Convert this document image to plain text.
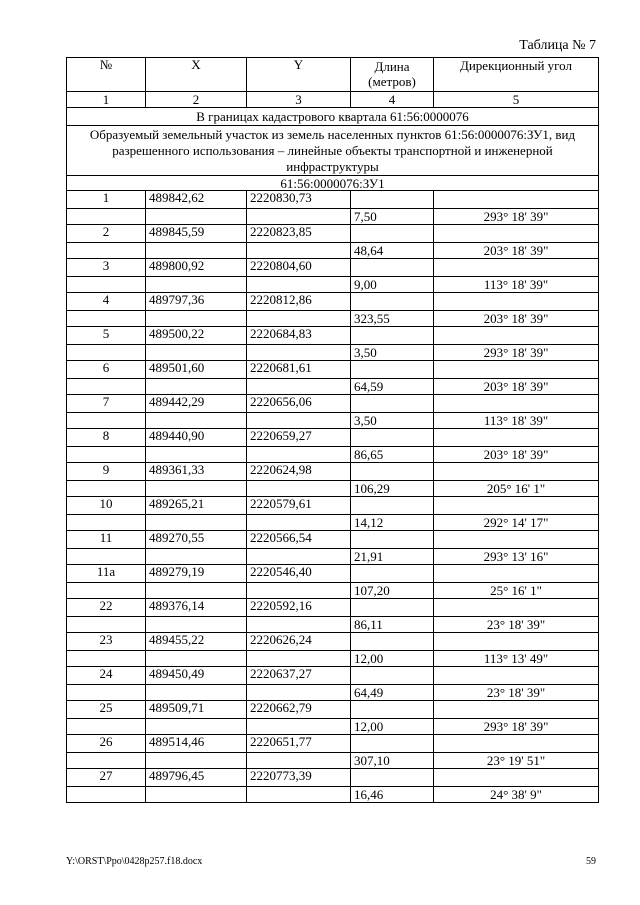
Таблица № 7
№	X	Y	Длина (метров)	Дирекционный угол
1	2	3	4	5
В границах кадастрового квартала 61:56:0000076				
Образуемый земельный участок из земель населенных пунктов 61:56:0000076:ЗУ1, вид разрешенного использования – линейные объекты транспортной и инженерной инфраструктуры				
61:56:0000076:ЗУ1				
1	489842,62	2220830,73		
			7,50	293° 18' 39"
2	489845,59	2220823,85		
			48,64	203° 18' 39"
3	489800,92	2220804,60		
			9,00	113° 18' 39"
4	489797,36	2220812,86		
			323,55	203° 18' 39"
5	489500,22	2220684,83		
			3,50	293° 18' 39"
6	489501,60	2220681,61		
			64,59	203° 18' 39"
7	489442,29	2220656,06		
			3,50	113° 18' 39"
8	489440,90	2220659,27		
			86,65	203° 18' 39"
9	489361,33	2220624,98		
			106,29	205° 16' 1"
10	489265,21	2220579,61		
			14,12	292° 14' 17"
11	489270,55	2220566,54		
			21,91	293° 13' 16"
11а	489279,19	2220546,40		
			107,20	25° 16' 1"
22	489376,14	2220592,16		
			86,11	23° 18' 39"
23	489455,22	2220626,24		
			12,00	113° 13' 49"
24	489450,49	2220637,27		
			64,49	23° 18' 39"
25	489509,71	2220662,79		
			12,00	293° 18' 39"
26	489514,46	2220651,77		
			307,10	23° 19' 51"
27	489796,45	2220773,39		
			16,46	24° 38' 9"
Y:\ORST\Ppo\0428p257.f18.docx	59
